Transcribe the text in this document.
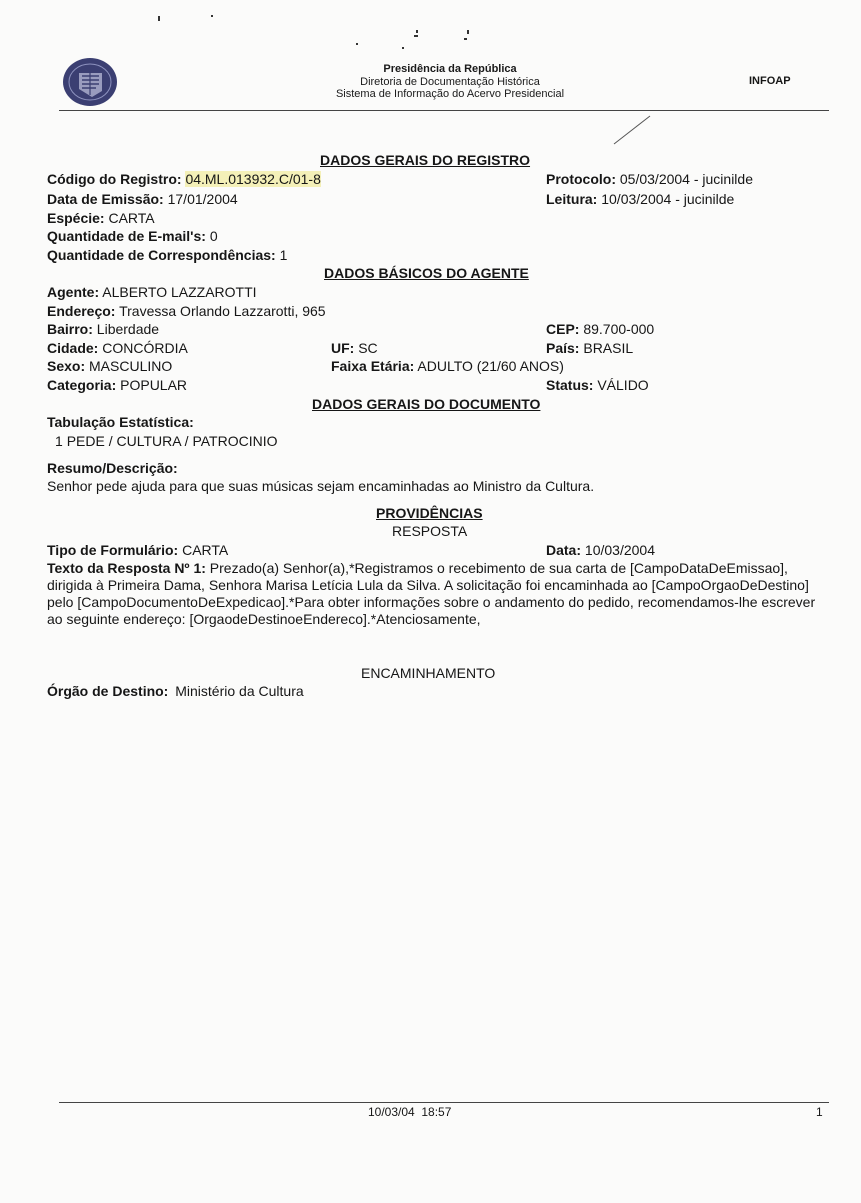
Presidência da República
Diretoria de Documentação Histórica
Sistema de Informação do Acervo Presidencial
INFOAP
DADOS GERAIS DO REGISTRO
Código do Registro: 04.ML.013932.C/01-8	Protocolo: 05/03/2004 - jucinilde
Data de Emissão: 17/01/2004	Leitura: 10/03/2004 - jucinilde
Espécie: CARTA
Quantidade de E-mail's: 0
Quantidade de Correspondências: 1
DADOS BÁSICOS DO AGENTE
Agente: ALBERTO LAZZAROTTI
Endereço: Travessa Orlando Lazzarotti, 965
Bairro: Liberdade	CEP: 89.700-000
Cidade: CONCÓRDIA	UF: SC	País: BRASIL
Sexo: MASCULINO	Faixa Etária: ADULTO (21/60 ANOS)
Categoria: POPULAR	Status: VÁLIDO
DADOS GERAIS DO DOCUMENTO
Tabulação Estatística:
1 PEDE / CULTURA / PATROCINIO
Resumo/Descrição:
Senhor pede ajuda para que suas músicas sejam encaminhadas ao Ministro da Cultura.
PROVIDÊNCIAS
RESPOSTA
Tipo de Formulário: CARTA	Data: 10/03/2004
Texto da Resposta Nº 1: Prezado(a) Senhor(a),*Registramos o recebimento de sua carta de [CampoDataDeEmissao], dirigida à Primeira Dama, Senhora Marisa Letícia Lula da Silva. A solicitação foi encaminhada ao [CampoOrgaoDeDestino] pelo [CampoDocumentoDeExpedicao].*Para obter informações sobre o andamento do pedido, recomendamos-lhe escrever ao seguinte endereço: [OrgaodeDestinoeEndereco].*Atenciosamente,
ENCAMINHAMENTO
Órgão de Destino: Ministério da Cultura
10/03/04  18:57	1
